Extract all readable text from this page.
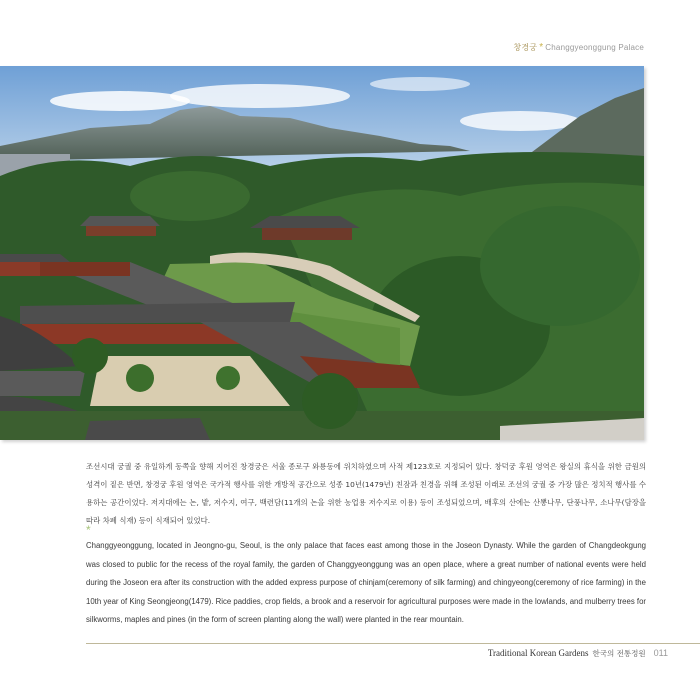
창경궁 * Changgyeonggung Palace
조선시대 궁궐 중 유일하게 동쪽을 향해 지어진 창경궁은 서울 종로구 와룡동에 위치하였으며 사적 제123호로 지정되어 있다. 창덕궁 후원 영역은 왕실의 휴식을 위한 금원의 성격이 짙은 반면, 창경궁 후원 영역은 국가적 행사를 위한 개방적 공간으로 성종 10년(1479년) 친잠과 친경을 위해 조성된 이래로 조선의 궁궐 중 가장 많은 정치적 행사를 수용하는 공간이었다. 저지대에는 논, 밭, 저수지, 여구, 백련담(11개의 논을 위한 농업용 저수지로 이용) 등이 조성되었으며, 배후의 산에는 산뽕나무, 단풍나무, 소나무(담장을 따라 차폐 식재) 등이 식재되어 있었다.
*
Changgyeonggung, located in Jeongno-gu, Seoul, is the only palace that faces east among those in the Joseon Dynasty. While the garden of Changdeokgung was closed to public for the recess of the royal family, the garden of Changgyeonggung was an open place, where a great number of national events were held during the Joseon era after its construction with the added express purpose of chinjam(ceremony of silk farming) and chingyeong(ceremony of rice farming) in the 10th year of King Seongjeong(1479). Rice paddies, crop fields, a brook and a reservoir for agricultural purposes were made in the lowlands, and mulberry trees for silkworms, maples and pines (in the form of screen planting along the wall) were planted in the rear mountain.
Traditional Korean Gardens 한국의 전통정원 011
